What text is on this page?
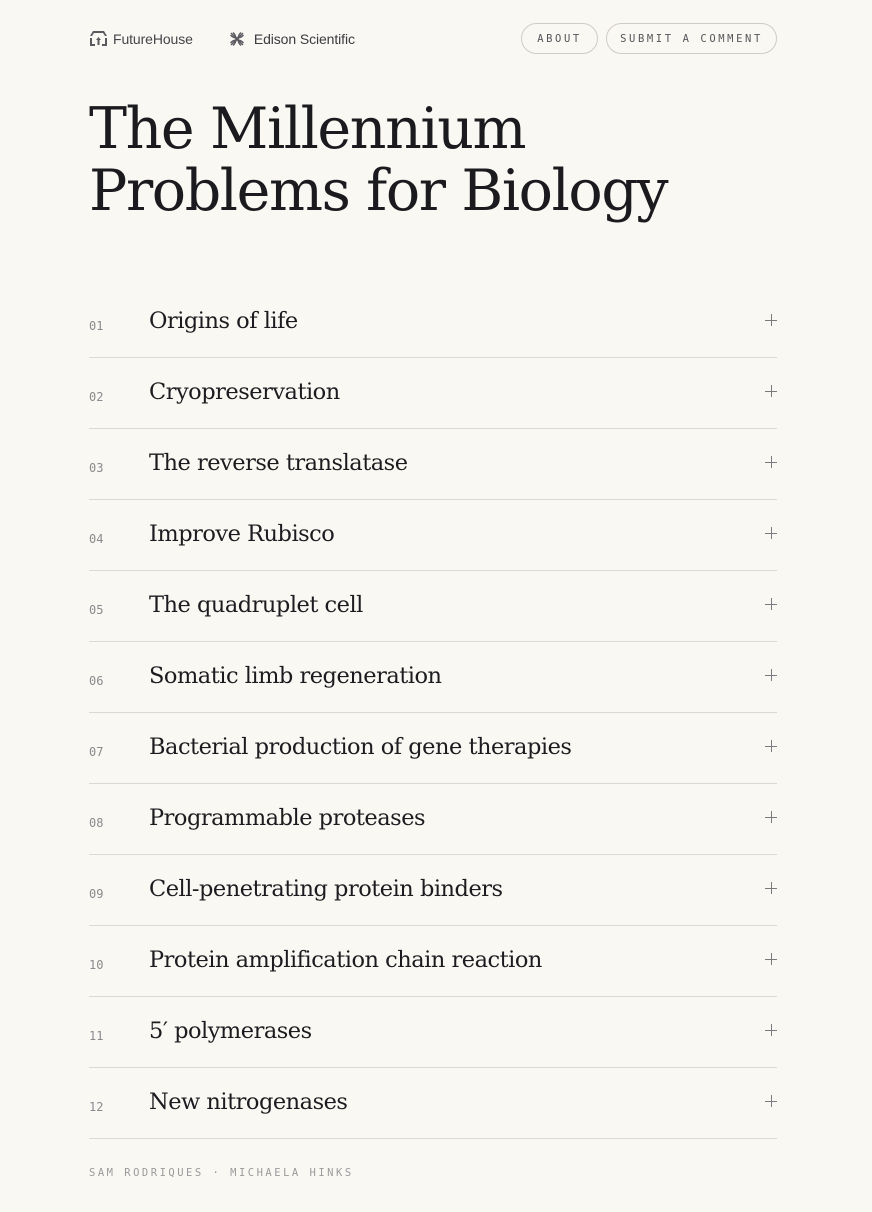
FutureHouse	Edison Scientific	ABOUT	SUBMIT A COMMENT
The Millennium
Problems for Biology
01 Origins of life
02 Cryopreservation
03 The reverse translatase
04 Improve Rubisco
05 The quadruplet cell
06 Somatic limb regeneration
07 Bacterial production of gene therapies
08 Programmable proteases
09 Cell-penetrating protein binders
10 Protein amplification chain reaction
11 5′ polymerases
12 New nitrogenases
SAM RODRIQUES · MICHAELA HINKS
